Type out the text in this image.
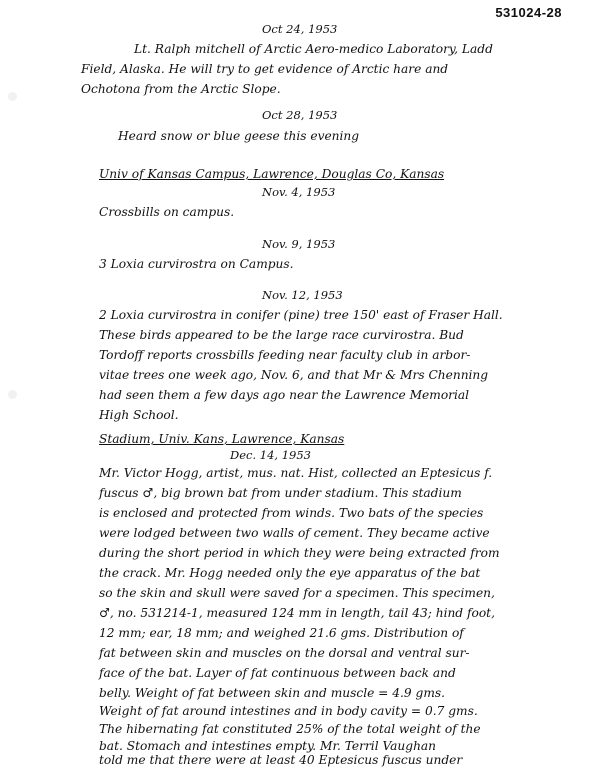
531024-28
Oct 24, 1953
Lt. Ralph mitchell of Arctic Aero-medico Laboratory, Ladd
Field, Alaska. He will try to get evidence of Arctic hare and
Ochotona from the Arctic Slope.
Oct 28, 1953
Heard snow or blue geese this evening
Univ of Kansas Campus, Lawrence, Douglas Co, Kansas
Nov. 4, 1953
Crossbills on campus.
Nov. 9, 1953
3 Loxia curvirostra on Campus.
Nov. 12, 1953
2 Loxia curvirostra in conifer (pine) tree 150' east of Fraser Hall.
These birds appeared to be the large race curvirostra. Bud
Tordoff reports crossbills feeding near faculty club in arbor-
vitae trees one week ago, Nov. 6, and that Mr & Mrs Chenning
had seen them a few days ago near the Lawrence Memorial
High School.
Stadium, Univ. Kans, Lawrence, Kansas
Dec. 14, 1953
Mr. Victor Hogg, artist, mus. nat. Hist, collected an Eptesicus f.
fuscus ♂, big brown bat from under stadium. This stadium
is enclosed and protected from winds. Two bats of the species
were lodged between two walls of cement. They became active
during the short period in which they were being extracted from
the crack. Mr. Hogg needed only the eye apparatus of the bat
so the skin and skull were saved for a specimen. This specimen,
♂, no. 531214-1, measured 124 mm in length, tail 43; hind foot,
12 mm; ear, 18 mm; and weighed 21.6 gms. Distribution of
fat between skin and muscles on the dorsal and ventral sur-
face of the bat. Layer of fat continuous between back and
belly. Weight of fat between skin and muscle = 4.9 gms.
Weight of fat around intestines and in body cavity = 0.7 gms.
The hibernating fat constituted 25% of the total weight of the
bat. Stomach and intestines empty. Mr. Terril Vaughan
told me that there were at least 40 Eptesicus fuscus under
